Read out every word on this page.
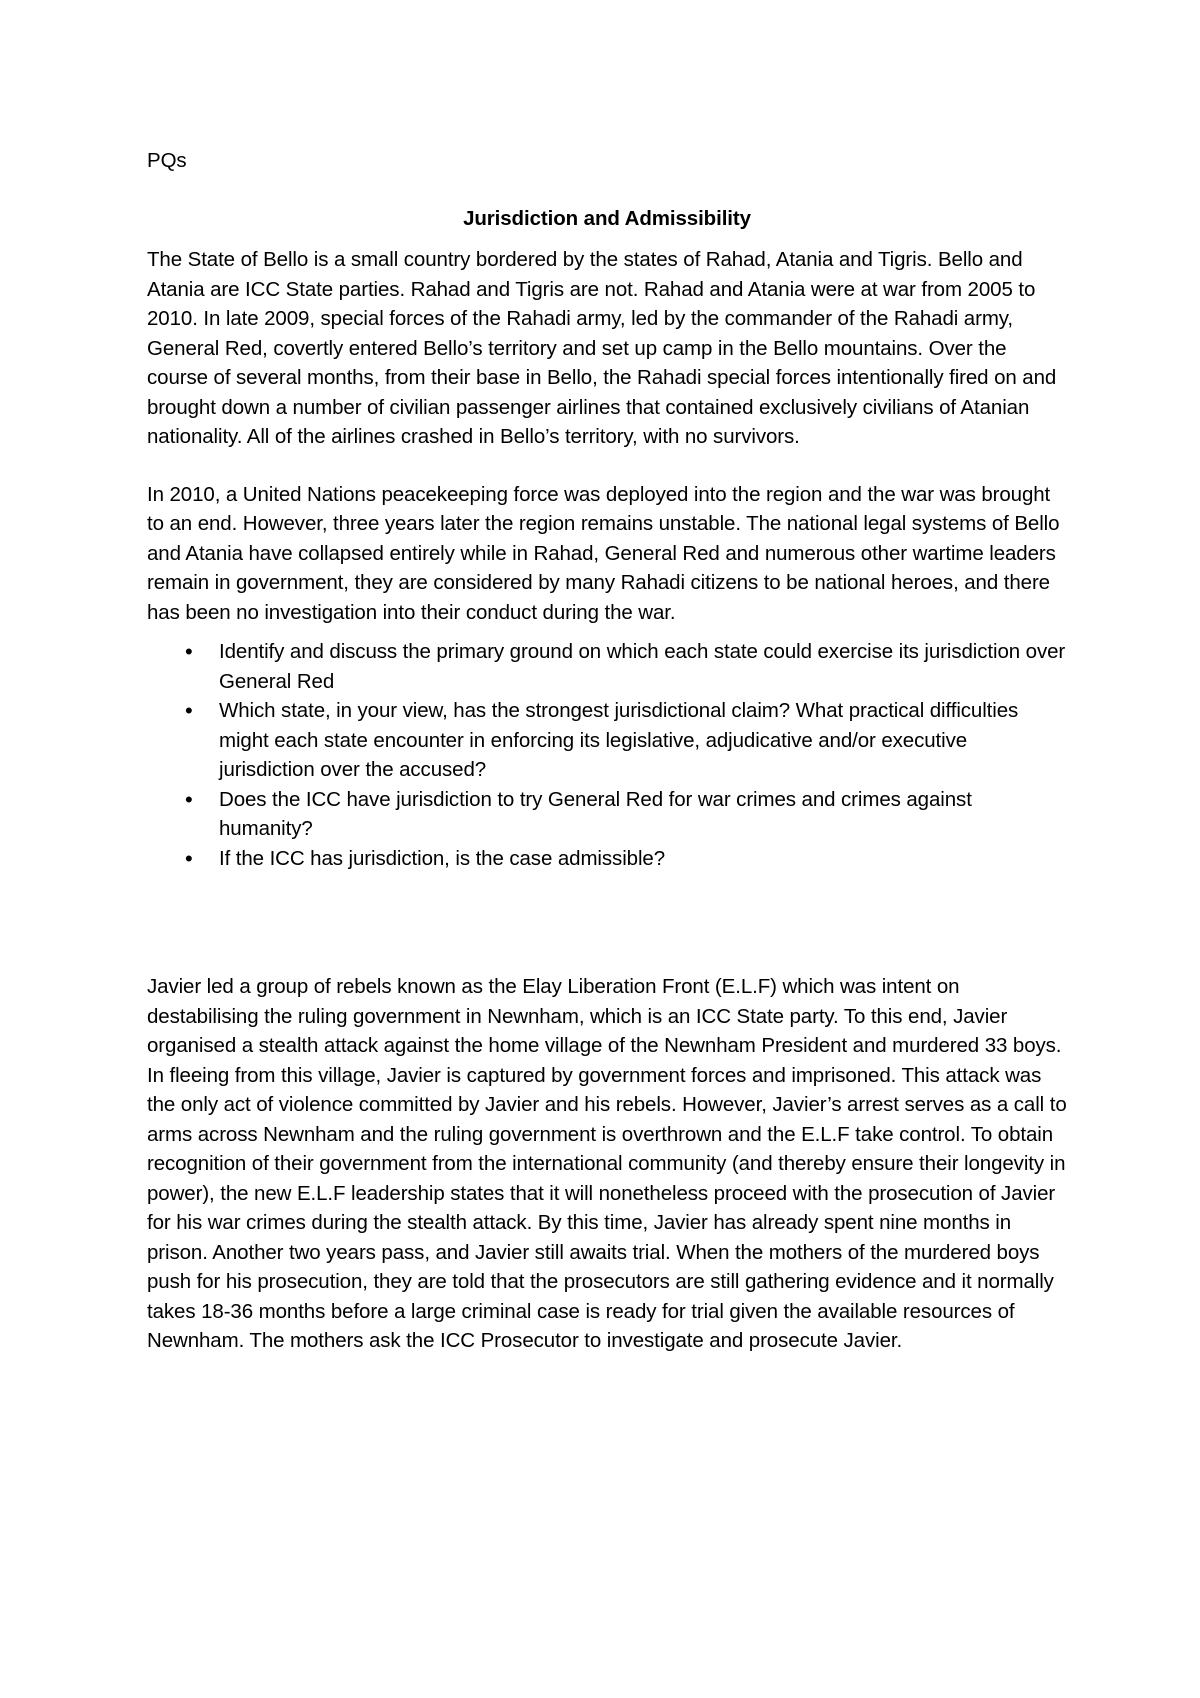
PQs

Jurisdiction and Admissibility

The State of Bello is a small country bordered by the states of Rahad, Atania and Tigris. Bello and Atania are ICC State parties. Rahad and Tigris are not. Rahad and Atania were at war from 2005 to 2010. In late 2009, special forces of the Rahadi army, led by the commander of the Rahadi army, General Red, covertly entered Bello’s territory and set up camp in the Bello mountains. Over the course of several months, from their base in Bello, the Rahadi special forces intentionally fired on and brought down a number of civilian passenger airlines that contained exclusively civilians of Atanian nationality. All of the airlines crashed in Bello’s territory, with no survivors.

In 2010, a United Nations peacekeeping force was deployed into the region and the war was brought to an end. However, three years later the region remains unstable. The national legal systems of Bello and Atania have collapsed entirely while in Rahad, General Red and numerous other wartime leaders remain in government, they are considered by many Rahadi citizens to be national heroes, and there has been no investigation into their conduct during the war.

• Identify and discuss the primary ground on which each state could exercise its jurisdiction over General Red
• Which state, in your view, has the strongest jurisdictional claim? What practical difficulties might each state encounter in enforcing its legislative, adjudicative and/or executive jurisdiction over the accused?
• Does the ICC have jurisdiction to try General Red for war crimes and crimes against humanity?
• If the ICC has jurisdiction, is the case admissible?

Javier led a group of rebels known as the Elay Liberation Front (E.L.F) which was intent on destabilising the ruling government in Newnham, which is an ICC State party. To this end, Javier organised a stealth attack against the home village of the Newnham President and murdered 33 boys. In fleeing from this village, Javier is captured by government forces and imprisoned. This attack was the only act of violence committed by Javier and his rebels. However, Javier’s arrest serves as a call to arms across Newnham and the ruling government is overthrown and the E.L.F take control. To obtain recognition of their government from the international community (and thereby ensure their longevity in power), the new E.L.F leadership states that it will nonetheless proceed with the prosecution of Javier for his war crimes during the stealth attack. By this time, Javier has already spent nine months in prison. Another two years pass, and Javier still awaits trial. When the mothers of the murdered boys push for his prosecution, they are told that the prosecutors are still gathering evidence and it normally takes 18-36 months before a large criminal case is ready for trial given the available resources of Newnham. The mothers ask the ICC Prosecutor to investigate and prosecute Javier.
